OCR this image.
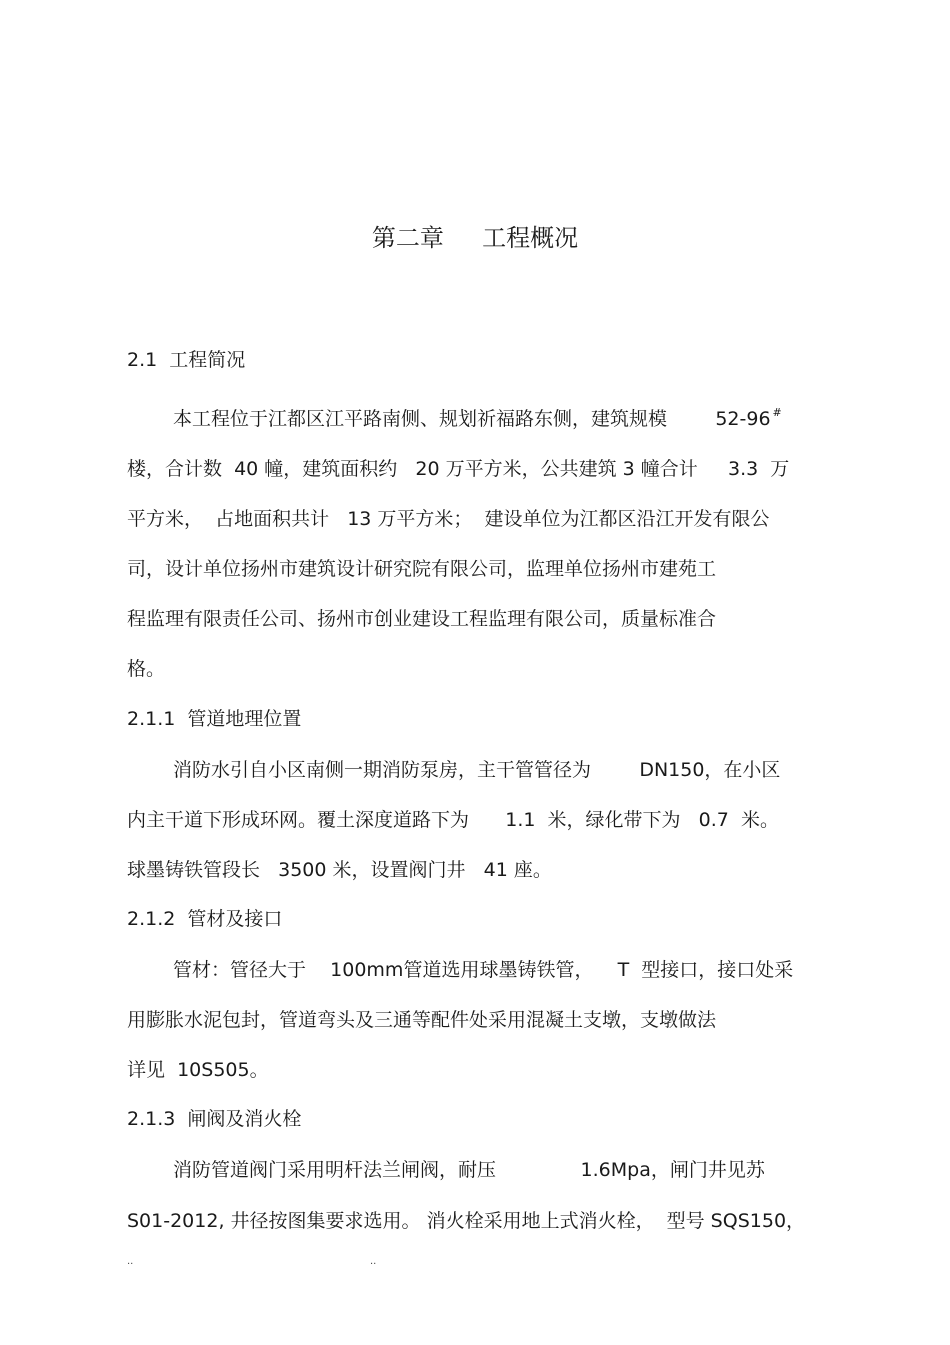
第二章     工程概况

2.1  工程简况

本工程位于江都区江平路南侧、规划祈福路东侧，建筑规模        52-96 #

楼，合计数  40 幢，建筑面积约   20 万平方米，公共建筑 3 幢合计     3.3  万

平方米，  占地面积共计   13 万平方米；  建设单位为江都区沿江开发有限公

司，设计单位扬州市建筑设计研究院有限公司，监理单位扬州市建苑工

程监理有限责任公司、扬州市创业建设工程监理有限公司，质量标准合

格。

2.1.1  管道地理位置

消防水引自小区南侧一期消防泵房，主干管管径为        DN150，在小区

内主干道下形成环网。覆土深度道路下为      1.1  米，绿化带下为   0.7  米。

球墨铸铁管段长   3500 米，设置阀门井   41 座。

2.1.2  管材及接口

管材：管径大于    100mm管道选用球墨铸铁管，    T  型接口，接口处采

用膨胀水泥包封，管道弯头及三通等配件处采用混凝土支墩，支墩做法

详见  10S505。

2.1.3  闸阀及消火栓

消防管道阀门采用明杆法兰闸阀，耐压              1.6Mpa，闸门井见苏

S01-2012, 井径按图集要求选用。 消火栓采用地上式消火栓，  型号 SQS150，

..	..
